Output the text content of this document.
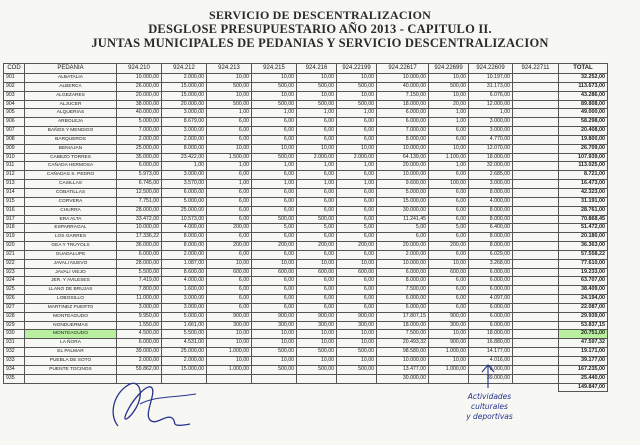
SERVICIO DE DESCENTRALIZACION
DESGLOSE PRESUPUESTARIO AÑO 2013 - CAPITULO II.
JUNTAS MUNICIPALES DE PEDANIAS Y SERVICIO DESCENTRALIZACION
COD	PEDANIA	924.210	924.212	924.213	924.215	924.216	924.22199	924.22617	924.22699	924.22609	924.22711	TOTAL
901	ALBATALIA	10.000,00	2.000,00	10,00	10,00	10,00	10,00	10.000,00	10,00	10.197,00		32.252,00
902	ALBERCA	26.000,00	15.000,00	500,00	500,00	500,00	500,00	40.000,00	500,00	31.173,00		113.673,00
903	ALGEZARES	20.000,00	15.000,00	10,00	10,00	10,00	10,00	7.150,00	10,00	6.076,00		43.286,00
904	ALJUCER	38.000,00	20.000,00	500,00	500,00	500,00	500,00	18.000,00	20,00	12.000,00		89.808,00
905	ALQUERIAS	40.000,00	3.000,00	1,00	1,00	1,00	1,00	6.000,00	1,00	1,00		49.000,00
906	ARBOLEJA	5.000,00	8.679,00	6,00	6,00	6,00	6,00	6.000,00	1,00	3.000,00		58.298,00
907	BAÑOS Y MENDIGO	7.000,00	3.000,00	6,00	6,00	6,00	6,00	7.000,00	6,00	3.000,00		20.408,00
908	BARQUEROS	2.000,00	2.000,00	6,00	6,00	6,00	6,00	8.000,00	6,00	4.770,00		19.800,00
909	BENIAJAN	25.000,00	8.000,00	10,00	10,00	10,00	10,00	10.000,00	10,00	12.070,00		26.709,00
910	CABEZO TORRES	35.000,00	23.422,00	1.500,00	500,00	2.000,00	2.000,00	64.139,00	1.100,00	18.000,00		107.939,00
911	CAÑADA HERMOSA	6.000,00	1,00	1,00	1,00	1,00	1,00	20.000,00	1,00	32.000,00		113.025,00
912	CAÑADAS S. PEDRO	5.973,00	3.000,00	6,00	6,00	6,00	6,00	10.000,00	6,00	2.685,00		8.721,00
913	CASILLAS	6.745,00	3.570,00	1,00	1,00	1,00	1,00	9.600,00	100,00	3.000,00		16.473,00
914	COBATILLAS	12.500,00	6.000,00	6,00	6,00	6,00	6,00	5.000,00	6,00	8.000,00		42.323,00
915	CORVERA	7.751,00	5.000,00	6,00	6,00	6,00	6,00	15.000,00	6,00	4.000,00		31.191,00
916	CHURRA	28.000,00	25.000,00	6,00	6,00	6,00	6,00	30.000,00	6,00	8.000,00		28.761,00
917	ERA ALTA	33.472,00	10.573,00	6,00	500,00	500,00	6,00	11.241,45	6,00	8.000,00		70.868,45
918	ESPARRAGAL	10.000,00	4.000,00	200,00	5,00	5,00	5,00	5,00	5,00	6.400,00		51.472,00
919	LOS GARRES	17.336,22	8.000,00	6,00	6,00	6,00	6,00	6,00	6,00	8.000,00		20.180,00
920	GEA Y TRUYOLS	36.000,00	8.000,00	200,00	200,00	200,00	200,00	20.000,00	200,00	8.000,00		36.363,00
921	GUADALUPE	6.000,00	2.000,00	6,00	6,00	6,00	6,00	2.000,00	6,00	6.029,00		57.558,22
922	JAVALI NUEVO	28.000,00	1.087,00	10,00	10,00	10,00	10,00	10.000,00	10,00	3.268,00		77.610,00
923	JAVALI VIEJO	5.500,00	8.600,00	600,00	600,00	600,00	600,00	6.000,00	600,00	6.000,00		19.233,00
924	JER. Y AVILESES	7.419,00	4.000,00	6,00	6,00	6,00	6,00	8.000,00	6,00	6.000,00		63.707,00
925	LLANO DE BRUJAS	7.800,00	1.600,00	6,00	6,00	6,00	6,00	7.500,00	6,00	6.000,00		38.409,00
926	LOBOSILLO	11.000,00	3.000,00	6,00	6,00	6,00	6,00	6.000,00	6,00	4.097,00		24.194,00
927	MARTINEZ PUERTO	3.000,00	3.000,00	6,00	6,00	6,00	6,00	6.000,00	6,00	6.000,00		22.087,00
928	MONTEAGUDO	9.950,00	5.000,00	900,00	900,00	900,00	900,00	17.807,15	900,00	6.000,00		29.939,00
929	NONDUERMAS	1.550,00	1.661,00	300,00	300,00	300,00	300,00	18.000,00	300,00	6.000,00		53.837,15
930	MONTEAGUDO	4.500,00	5.500,00	10,00	10,00	10,00	10,00	7.500,00	10,00	18.000,00		20.751,00
931	LA ÑORA	6.000,00	4.531,00	10,00	10,00	10,00	10,00	20.493,32	900,00	16.880,00		47.597,32
932	EL PALMAR	39.000,00	25.000,00	1.000,00	500,00	500,00	500,00	98.580,00	1.000,00	14.177,00		19.171,00
933	PUEBLA DE SOTO	2.000,00	2.000,00	10,00	10,00	10,00	10,00	10.000,00	10,00	4.016,00		39.177,00
934	PUENTE TOCINOS	59.862,00	15.000,00	1.000,00	500,00	500,00	500,00	13.477,00	1.000,00	8.000,00		167.235,00
935								30.000,00		39.000,00		25.440,00
												149.847,00
Actividades
culturales
y deportivas
